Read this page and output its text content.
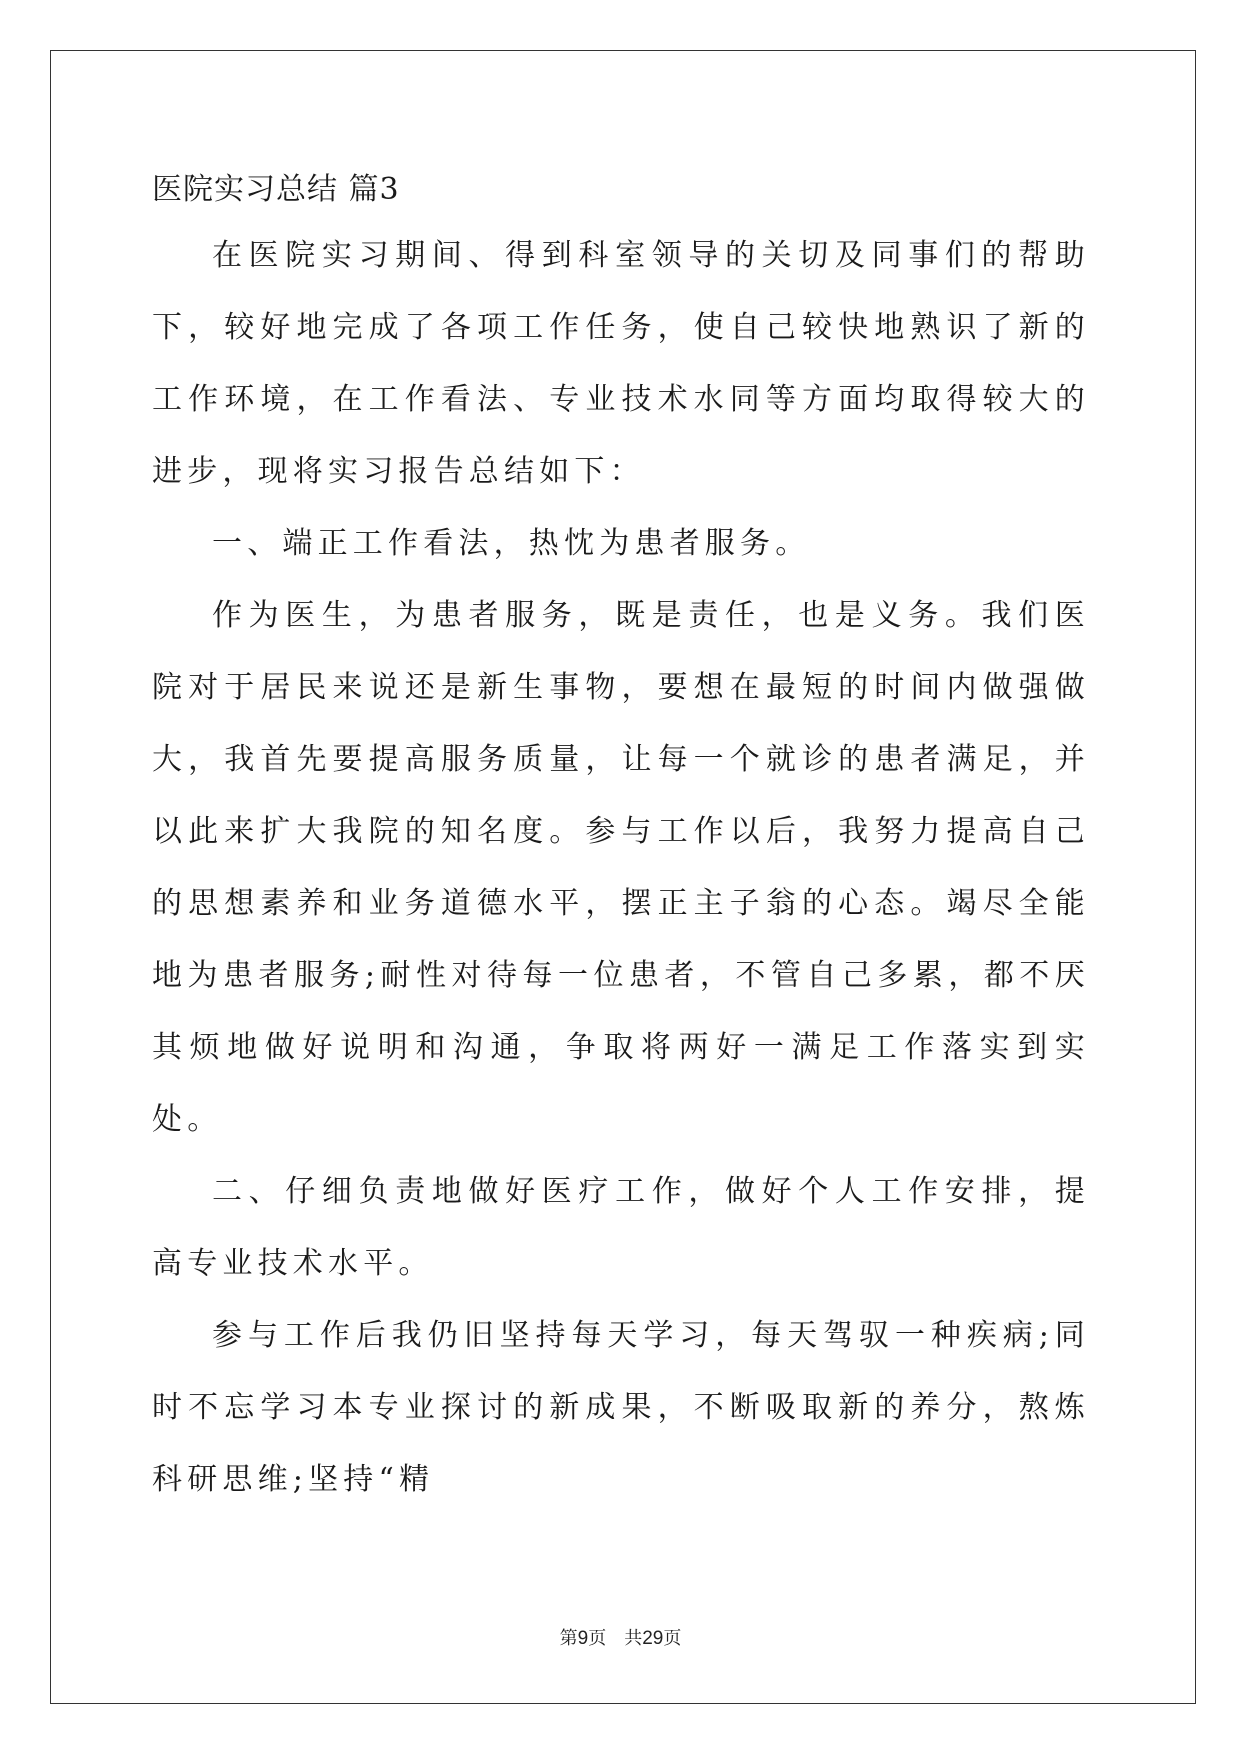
医院实习总结 篇3

在医院实习期间、得到科室领导的关切及同事们的帮助下，较好地完成了各项工作任务，使自己较快地熟识了新的工作环境，在工作看法、专业技术水同等方面均取得较大的进步，现将实习报告总结如下：

一、端正工作看法，热忱为患者服务。

作为医生，为患者服务，既是责任，也是义务。我们医院对于居民来说还是新生事物，要想在最短的时间内做强做大，我首先要提高服务质量，让每一个就诊的患者满足，并以此来扩大我院的知名度。参与工作以后，我努力提高自己的思想素养和业务道德水平，摆正主子翁的心态。竭尽全能地为患者服务;耐性对待每一位患者，不管自己多累，都不厌其烦地做好说明和沟通，争取将两好一满足工作落实到实处。

二、仔细负责地做好医疗工作，做好个人工作安排，提高专业技术水平。

参与工作后我仍旧坚持每天学习，每天驾驭一种疾病;同时不忘学习本专业探讨的新成果，不断吸取新的养分，熬炼科研思维;坚持“精

第9页 共29页
